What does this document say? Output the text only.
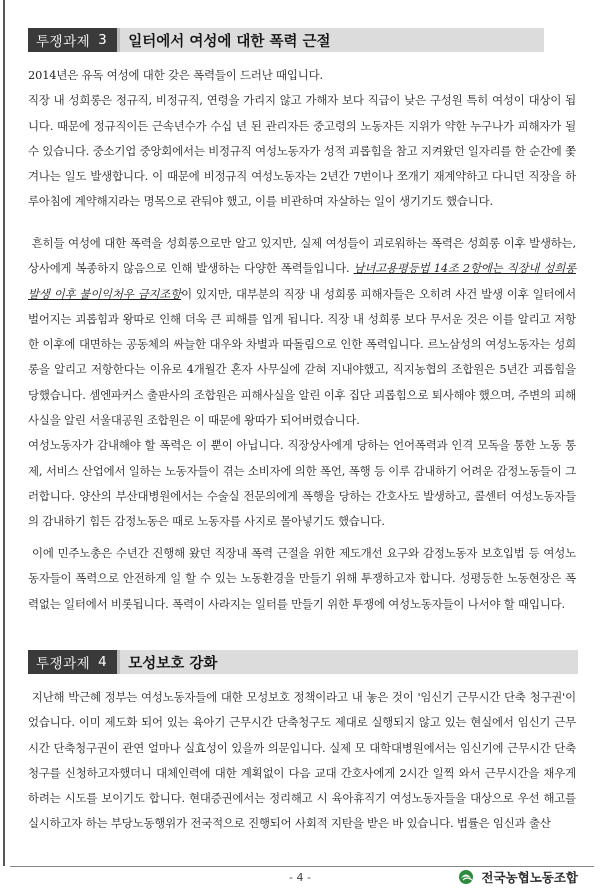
투쟁과제 3	일터에서 여성에 대한 폭력 근절

2014년은 유독 여성에 대한 갖은 폭력들이 드러난 때입니다.
직장 내 성희롱은 정규직, 비정규직, 연령을 가리지 않고 가해자 보다 직급이 낮은 구성원 특히 여성이 대상이 됩니다. 때문에 정규직이든 근속년수가 수십 년 된 관리자든 중고령의 노동자든 지위가 약한 누구나가 피해자가 될 수 있습니다. 중소기업 중앙회에서는 비정규직 여성노동자가 성적 괴롭힘을 참고 지켜왔던 일자리를 한 순간에 쫓겨나는 일도 발생합니다. 이 때문에 비정규직 여성노동자는 2년간 7번이나 쪼개기 재계약하고 다니던 직장을 하루아침에 계약해지라는 명목으로 관둬야 했고, 이를 비관하며 자살하는 일이 생기기도 했습니다.

흔히들 여성에 대한 폭력을 성희롱으로만 알고 있지만, 실제 여성들이 괴로워하는 폭력은 성희롱 이후 발생하는, 상사에게 복종하지 않음으로 인해 발생하는 다양한 폭력들입니다. 남녀고용평등법 14조 2항에는 직장내 성희롱 발생 이후 불이익처우 금지조항이 있지만, 대부분의 직장 내 성희롱 피해자들은 오히려 사건 발생 이후 일터에서 벌어지는 괴롭힘과 왕따로 인해 더욱 큰 피해를 입게 됩니다. 직장 내 성희롱 보다 무서운 것은 이를 알리고 저항한 이후에 대면하는 공동체의 싸늘한 대우와 차별과 따돌림으로 인한 폭력입니다. 르노삼성의 여성노동자는 성희롱을 알리고 저항한다는 이유로 4개월간 혼자 사무실에 갇혀 지내야했고, 직지농협의 조합원은 5년간 괴롭힘을 당했습니다. 셈엔파커스 출판사의 조합원은 피해사실을 알린 이후 집단 괴롭힘으로 퇴사해야 했으며, 주변의 피해사실을 알린 서울대공원 조합원은 이 때문에 왕따가 되어버렸습니다.
여성노동자가 감내해야 할 폭력은 이 뿐이 아닙니다. 직장상사에게 당하는 언어폭력과 인격 모독을 통한 노동 통제, 서비스 산업에서 일하는 노동자들이 겪는 소비자에 의한 폭언, 폭행 등 이루 감내하기 어려운 감정노동들이 그러합니다. 양산의 부산대병원에서는 수술실 전문의에게 폭행을 당하는 간호사도 발생하고, 콜센터 여성노동자들의 감내하기 힘든 감정노동은 때로 노동자를 사지로 몰아넣기도 했습니다.

이에 민주노총은 수년간 진행해 왔던 직장내 폭력 근절을 위한 제도개선 요구와 감정노동자 보호입법 등 여성노동자들이 폭력으로 안전하게 일 할 수 있는 노동환경을 만들기 위해 투쟁하고자 합니다. 성평등한 노동현장은 폭력없는 일터에서 비롯됩니다. 폭력이 사라지는 일터를 만들기 위한 투쟁에 여성노동자들이 나서야 할 때입니다.

투쟁과제 4	모성보호 강화

지난해 박근혜 정부는 여성노동자들에 대한 모성보호 정책이라고 내 놓은 것이 '임신기 근무시간 단축 청구권'이었습니다. 이미 제도화 되어 있는 육아기 근무시간 단축청구도 제대로 실행되지 않고 있는 현실에서 임신기 근무시간 단축청구권이 관연 얼마나 실효성이 있을까 의문입니다. 실제 모 대학대병원에서는 임신기에 근무시간 단축 청구를 신청하고자했더니 대체인력에 대한 계획없이 다음 교대 간호사에게 2시간 일찍 와서 근무시간을 채우게 하려는 시도를 보이기도 합니다. 현대증권에서는 정리해고 시 육아휴직기 여성노동자들을 대상으로 우선 해고를 실시하고자 하는 부당노동행위가 전국적으로 진행되어 사회적 지탄을 받은 바 있습니다. 법률은 임신과 출산

- 4 -	전국농협노동조합
